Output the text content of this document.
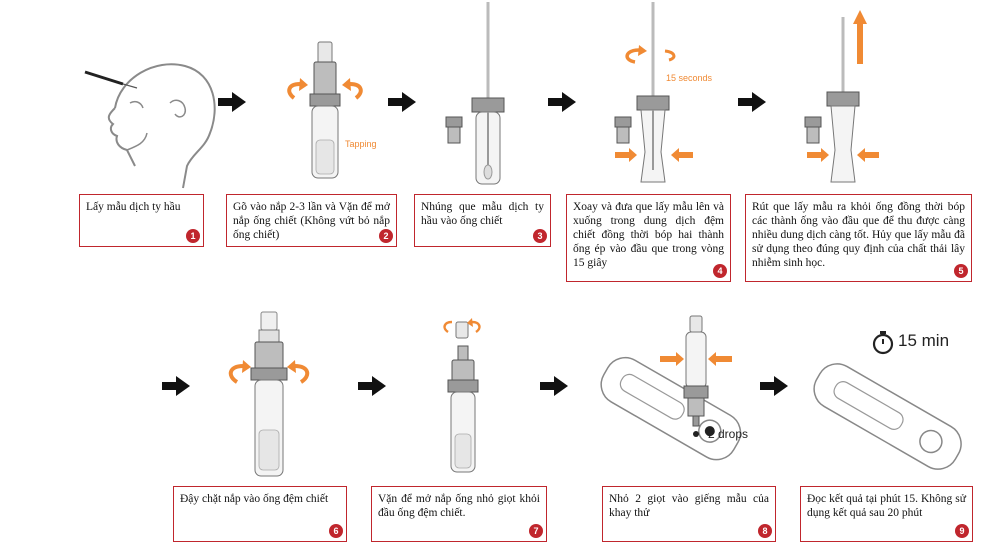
Tapping
15 seconds
Lấy mẫu dịch ty hầu
1
Gõ vào nắp 2-3 lần và Vặn để mở nắp ống chiết (Không vứt bỏ nắp ống chiết)	2
Nhúng que mẫu dịch ty hầu vào ống chiết
3
Xoay và đưa que lấy mẫu lên và xuống trong dung dịch đệm chiết đồng thời bóp hai thành ống ép vào đầu que trong vòng 15 giây
4
Rút que lấy mẫu ra khỏi ống đồng thời bóp các thành ống vào đầu que để thu được càng nhiều dung dịch càng tốt. Hủy que lấy mẫu đã sử dụng theo đúng quy định của chất thải lây nhiễm sinh học.
5
2 drops
15 min
Đậy chặt nắp vào ống đệm chiết
6
Vặn để mở nắp ống nhỏ giọt khỏi đầu ống đệm chiết.
7
Nhỏ 2 giọt vào giếng mẫu của khay thử
8
Đọc kết quả tại phút 15. Không sử dụng kết quả sau 20 phút
9
